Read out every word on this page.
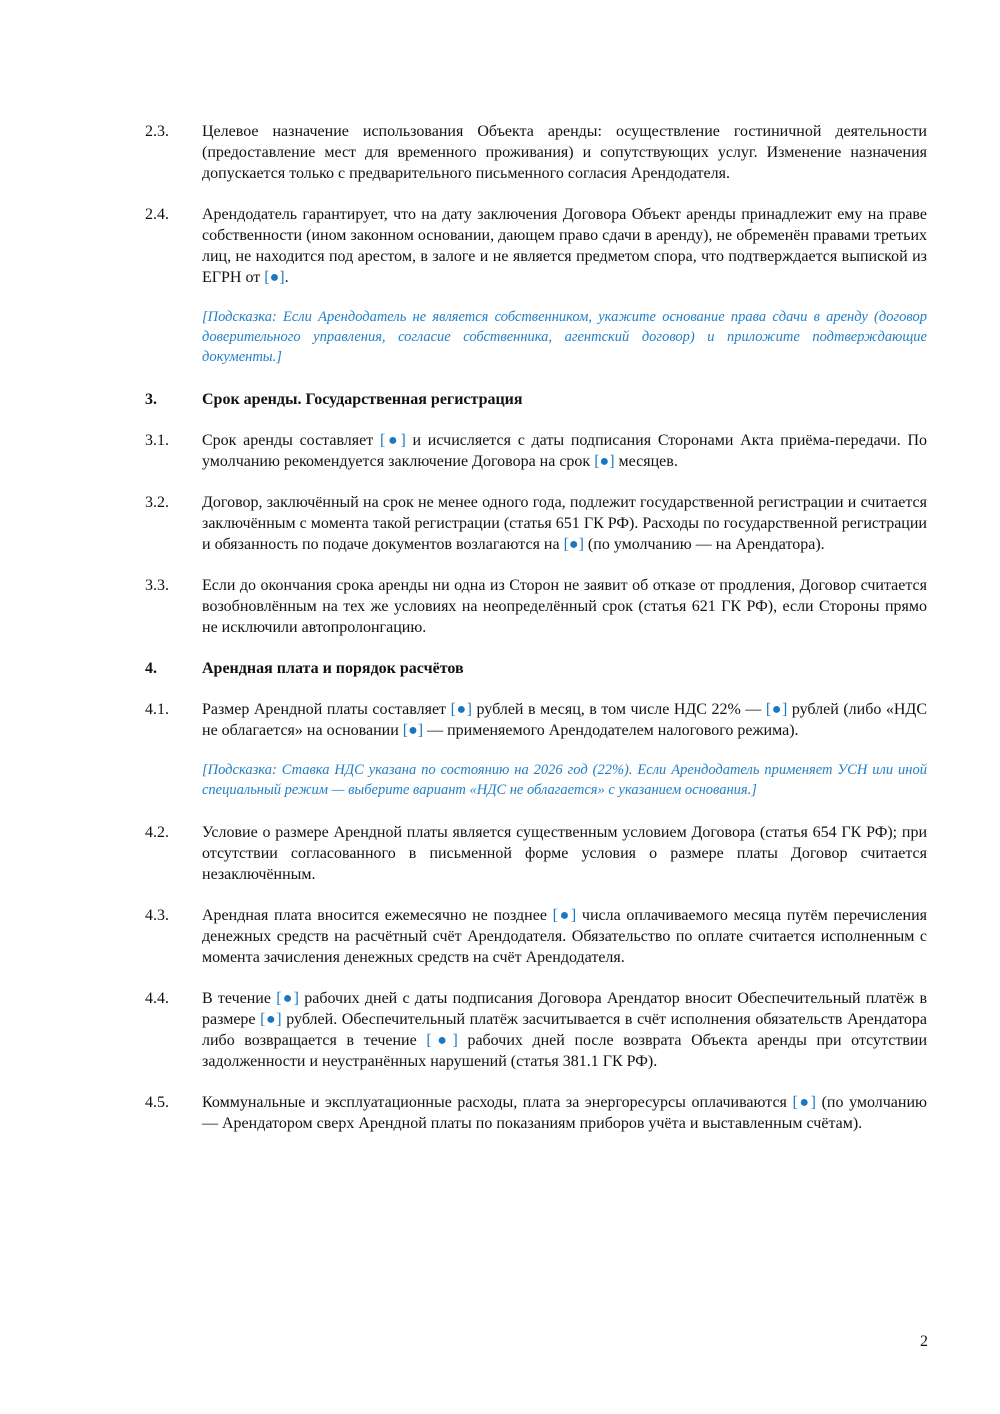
2.3.	Целевое назначение использования Объекта аренды: осуществление гостиничной деятельности (предоставление мест для временного проживания) и сопутствующих услуг. Изменение назначения допускается только с предварительного письменного согласия Арендодателя.
2.4.	Арендодатель гарантирует, что на дату заключения Договора Объект аренды принадлежит ему на праве собственности (ином законном основании, дающем право сдачи в аренду), не обременён правами третьих лиц, не находится под арестом, в залоге и не является предметом спора, что подтверждается выпиской из ЕГРН от [●].
[Подсказка: Если Арендодатель не является собственником, укажите основание права сдачи в аренду (договор доверительного управления, согласие собственника, агентский договор) и приложите подтверждающие документы.]
3.	Срок аренды. Государственная регистрация
3.1.	Срок аренды составляет [●] и исчисляется с даты подписания Сторонами Акта приёма-передачи. По умолчанию рекомендуется заключение Договора на срок [●] месяцев.
3.2.	Договор, заключённый на срок не менее одного года, подлежит государственной регистрации и считается заключённым с момента такой регистрации (статья 651 ГК РФ). Расходы по государственной регистрации и обязанность по подаче документов возлагаются на [●] (по умолчанию — на Арендатора).
3.3.	Если до окончания срока аренды ни одна из Сторон не заявит об отказе от продления, Договор считается возобновлённым на тех же условиях на неопределённый срок (статья 621 ГК РФ), если Стороны прямо не исключили автопролонгацию.
4.	Арендная плата и порядок расчётов
4.1.	Размер Арендной платы составляет [●] рублей в месяц, в том числе НДС 22% — [●] рублей (либо «НДС не облагается» на основании [●] — применяемого Арендодателем налогового режима).
[Подсказка: Ставка НДС указана по состоянию на 2026 год (22%). Если Арендодатель применяет УСН или иной специальный режим — выберите вариант «НДС не облагается» с указанием основания.]
4.2.	Условие о размере Арендной платы является существенным условием Договора (статья 654 ГК РФ); при отсутствии согласованного в письменной форме условия о размере платы Договор считается незаключённым.
4.3.	Арендная плата вносится ежемесячно не позднее [●] числа оплачиваемого месяца путём перечисления денежных средств на расчётный счёт Арендодателя. Обязательство по оплате считается исполненным с момента зачисления денежных средств на счёт Арендодателя.
4.4.	В течение [●] рабочих дней с даты подписания Договора Арендатор вносит Обеспечительный платёж в размере [●] рублей. Обеспечительный платёж засчитывается в счёт исполнения обязательств Арендатора либо возвращается в течение [●] рабочих дней после возврата Объекта аренды при отсутствии задолженности и неустранённых нарушений (статья 381.1 ГК РФ).
4.5.	Коммунальные и эксплуатационные расходы, плата за энергоресурсы оплачиваются [●] (по умолчанию — Арендатором сверх Арендной платы по показаниям приборов учёта и выставленным счётам).
2
